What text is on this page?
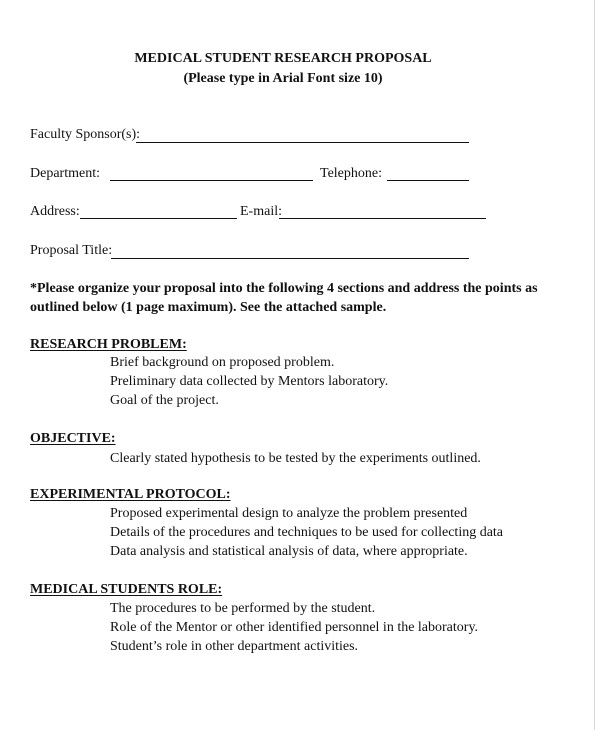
MEDICAL STUDENT RESEARCH PROPOSAL
(Please type in Arial Font size 10)
Faculty Sponsor(s):
Department:	Telephone:
Address:	E-mail:
Proposal Title:
*Please organize your proposal into the following 4 sections and address the points as
outlined below (1 page maximum). See the attached sample.
RESEARCH PROBLEM:
Brief background on proposed problem.
Preliminary data collected by Mentors laboratory.
Goal of the project.
OBJECTIVE:
Clearly stated hypothesis to be tested by the experiments outlined.
EXPERIMENTAL PROTOCOL:
Proposed experimental design to analyze the problem presented
Details of the procedures and techniques to be used for collecting data
Data analysis and statistical analysis of data, where appropriate.
MEDICAL STUDENTS ROLE:
The procedures to be performed by the student.
Role of the Mentor or other identified personnel in the laboratory.
Student’s role in other department activities.
